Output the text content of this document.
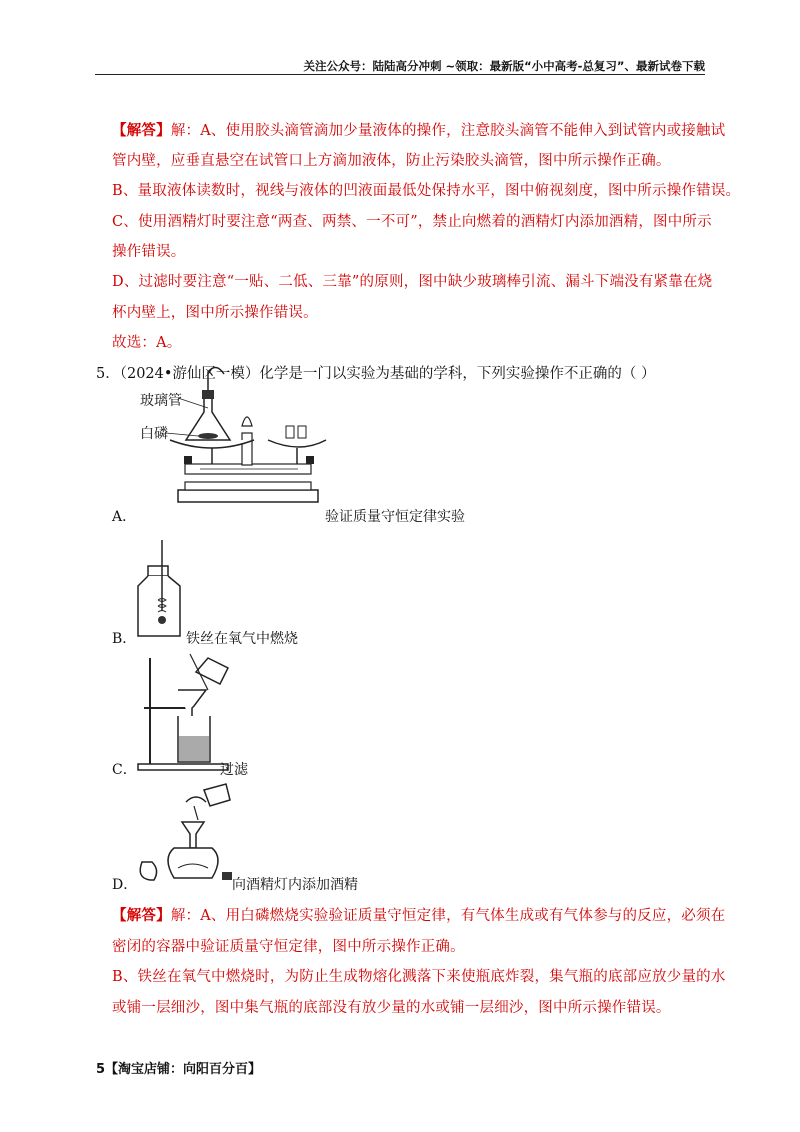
关注公众号：陆陆高分冲刺 ~领取：最新版“小中高考-总复习”、最新试卷下载
【解答】解：A、使用胶头滴管滴加少量液体的操作，注意胶头滴管不能伸入到试管内或接触试
管内壁，应垂直悬空在试管口上方滴加液体，防止污染胶头滴管，图中所示操作正确。
B、量取液体读数时，视线与液体的凹液面最低处保持水平，图中俯视刻度，图中所示操作错误。
C、使用酒精灯时要注意“两查、两禁、一不可”，禁止向燃着的酒精灯内添加酒精，图中所示
操作错误。
D、过滤时要注意“一贴、二低、三靠”的原则，图中缺少玻璃棒引流、漏斗下端没有紧靠在烧
杯内壁上，图中所示操作错误。
故选：A。
5．（2024•游仙区一模）化学是一门以实验为基础的学科，下列实验操作不正确的（ ）
玻璃管
白磷
A．	验证质量守恒定律实验
B．	铁丝在氧气中燃烧
C．	过滤
D．	向酒精灯内添加酒精
【解答】解：A、用白磷燃烧实验验证质量守恒定律，有气体生成或有气体参与的反应，必须在
密闭的容器中验证质量守恒定律，图中所示操作正确。
B、铁丝在氧气中燃烧时，为防止生成物熔化溅落下来使瓶底炸裂，集气瓶的底部应放少量的水
或铺一层细沙，图中集气瓶的底部没有放少量的水或铺一层细沙，图中所示操作错误。
5【淘宝店铺：向阳百分百】
